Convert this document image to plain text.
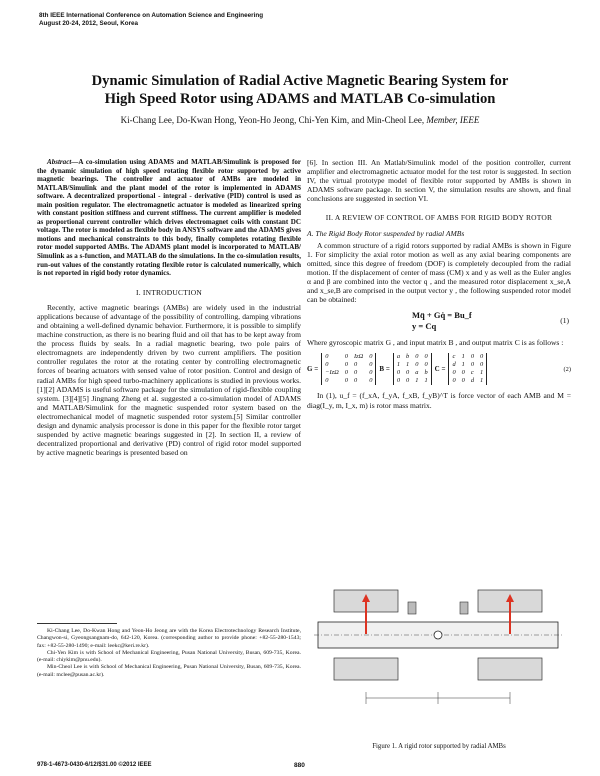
8th IEEE International Conference on Automation Science and Engineering
August 20-24, 2012, Seoul, Korea
Dynamic Simulation of Radial Active Magnetic Bearing System for
High Speed Rotor using ADAMS and MATLAB Co-simulation
Ki-Chang Lee, Do-Kwan Hong, Yeon-Ho Jeong, Chi-Yen Kim, and Min-Cheol Lee, Member, IEEE

Abstract—A co-simulation using ADAMS and MATLAB/Simulink is proposed for the dynamic simulation of high speed rotating flexible rotor supported by active magnetic bearings. The controller and actuator of AMBs are modeled in MATLAB/Simulink and the plant model of the rotor is implemented in ADAMS software. A decentralized proportional - integral - derivative (PID) control is used as main position regulator. The electromagnetic actuator is modeled as linearized spring with constant position stiffness and current stiffness. The current amplifier is modeled as proportional current controller which drives electromagnet coils with constant DC voltage. The rotor is modeled as flexible body in ANSYS software and the ADAMS gives motions and mechanical constraints to this body, finally completes rotating flexible rotor model supported AMBs. The ADAMS plant model is incorporated to MATLAB/ Simulink as a s-function, and MATLAB do the simulations. In the co-simulation results, run-out values of the constantly rotating flexible rotor is calculated numerically, which is not reported in rigid body rotor dynamics.

I. INTRODUCTION

Recently, active magnetic bearings (AMBs) are widely used in the industrial applications because of advantage of the possibility of controlling, damping vibrations and obtaining a well-defined dynamic behavior. Furthermore, it is possible to simplify machine construction, as there is no bearing fluid and oil that has to be kept away from the process fluids by seals. In a radial magnetic bearing, two pole pairs of electromagnets are independently driven by two current amplifiers. The position controller regulates the rotor at the rotating center by controlling electromagnetic forces of bearing actuators with sensed value of rotor position. Control and design of radial AMBs for high speed turbo-machinery applications is studied in previous works.[1][2] ADAMS is useful software package for the simulation of rigid-flexible coupling system. [3][4][5] Jingnang Zheng et al. suggested a co-simulation model of ADAMS and MATLAB/Simulink for the magnetic suspended rotor system based on the electromechanical model of magnetic suspended rotor system.[5] Similar controller design and dynamic analysis processor is done in this paper for the flexible rotor target suspended by active magnetic bearings suggested in [2]. In section II, a review of decentralized proportional and derivative (PD) control of rigid rotor model supported by active magnetic bearings is presented based on

Ki-Chang Lee, Do-Kwan Hong and Yeon-Ho Jeong are with the Korea Electrotechnology Research Institute, Changwon-si, Gyeongsangnam-do, 642-120, Korea. (corresponding author to provide phone: +82-55-280-1543; fax: +82-55-280-1490; e-mail: leekc@keri.re.kr).

Chi-Yen Kim is with School of Mechanical Engineering, Pusan National University, Busan, 609-735, Korea. (e-mail: chiykim@pnu.edu).

Min-Cheol Lee is with School of Mechanical Engineering, Pusan National University, Busan, 609-735, Korea. (e-mail: mclee@pusan.ac.kr).

[6]. In section III. An Matlab/Simulink model of the position controller, current amplifier and electromagnetic actuator model for the test rotor is suggested. In section IV, the virtual prototype model of flexible rotor supported by AMBs is shown in ADAMS software package. In section V, the simulation results are shown, and final conclusions are suggested in section VI.

II. A REVIEW OF CONTROL OF AMBS FOR RIGID BODY ROTOR
A. The Rigid Body Rotor suspended by radial AMBs

A common structure of a rigid rotors supported by radial AMBs is shown in Figure 1. For simplicity the axial rotor motion as well as any axial bearing components are omitted, since this degree of freedom (DOF) is completely decoupled from the radial motion. If the displacement of center of mass (CM) x and y as well as the Euler angles α and β are combined into the vector q , and the measured rotor displacement x_se,A and x_se,B are comprised in the output vector y , the following suspended rotor model can be obtained:

Mq̈ + Gq̇ = Bu_f
y = Cq
(1)

Where gyroscopic matrix G , and input matrix B , and output matrix C is as follows :

G =
0	0 IzΩ 0
0	0 0	0
−IzΩ 0 0	0
0	0 0	0
B =
a b 0 0
1 1 0 0
0 0 a b
0 0 1 1
C =
c 1 0 0
d 1 0 0
0 0 c 1
0 0 d 1
(2)

In (1), u_f = (f_xA, f_yA, f_xB, f_yB)^T is force vector of each AMB and M = diag(I_y, m, I_x, m) is rotor mass matrix.

Figure 1. A rigid rotor supported by radial AMBs
978-1-4673-0430-6/12/$31.00 ©2012 IEEE	880
